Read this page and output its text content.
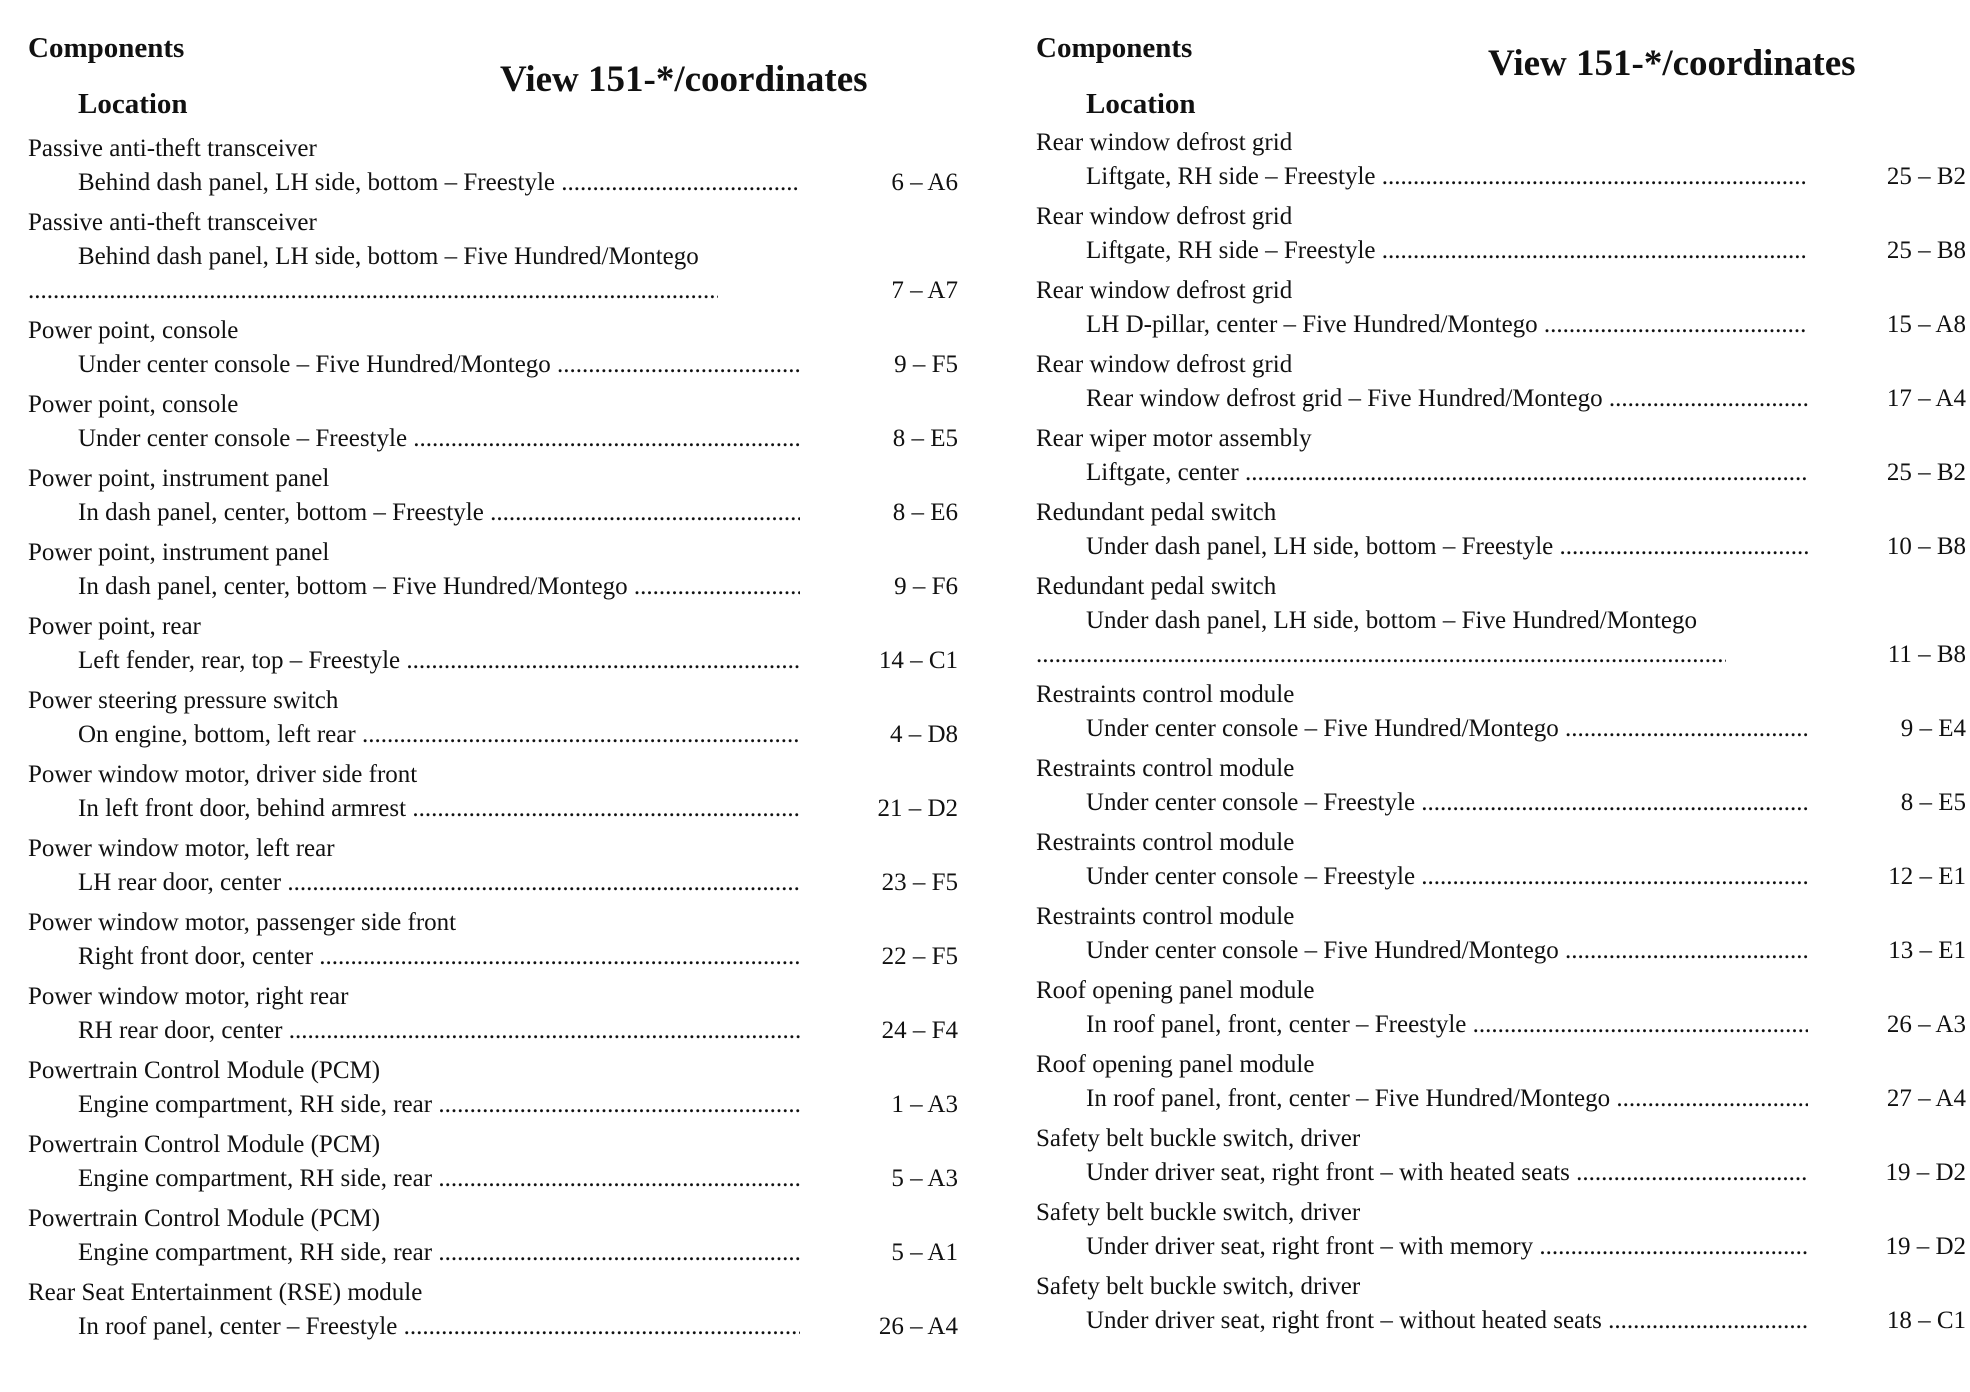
Components
Location
View 151-*/coordinates
Passive anti-theft transceiver
Behind dash panel, LH side, bottom – Freestyle .....	6 – A6
Passive anti-theft transceiver
Behind dash panel, LH side, bottom – Five Hundred/Montego
.....
7 – A7
Power point, console
Under center console – Five Hundred/Montego .....	9 – F5
Power point, console
Under center console – Freestyle .....	8 – E5
Power point, instrument panel
In dash panel, center, bottom – Freestyle .....	8 – E6
Power point, instrument panel
In dash panel, center, bottom – Five Hundred/Montego .....	9 – F6
Power point, rear
Left fender, rear, top – Freestyle .....	14 – C1
Power steering pressure switch
On engine, bottom, left rear .....	4 – D8
Power window motor, driver side front
In left front door, behind armrest .....	21 – D2
Power window motor, left rear
LH rear door, center .....	23 – F5
Power window motor, passenger side front
Right front door, center .....	22 – F5
Power window motor, right rear
RH rear door, center .....	24 – F4
Powertrain Control Module (PCM)
Engine compartment, RH side, rear .....	1 – A3
Powertrain Control Module (PCM)
Engine compartment, RH side, rear .....	5 – A3
Powertrain Control Module (PCM)
Engine compartment, RH side, rear .....	5 – A1
Rear Seat Entertainment (RSE) module
In roof panel, center – Freestyle .....	26 – A4
Components
Location
View 151-*/coordinates
Rear window defrost grid
Liftgate, RH side – Freestyle .....	25 – B2
Rear window defrost grid
Liftgate, RH side – Freestyle .....	25 – B8
Rear window defrost grid
LH D-pillar, center – Five Hundred/Montego .....	15 – A8
Rear window defrost grid
Rear window defrost grid – Five Hundred/Montego .....	17 – A4
Rear wiper motor assembly
Liftgate, center .....	25 – B2
Redundant pedal switch
Under dash panel, LH side, bottom – Freestyle .....	10 – B8
Redundant pedal switch
Under dash panel, LH side, bottom – Five Hundred/Montego
.....
11 – B8
Restraints control module
Under center console – Five Hundred/Montego .....	9 – E4
Restraints control module
Under center console – Freestyle .....	8 – E5
Restraints control module
Under center console – Freestyle .....	12 – E1
Restraints control module
Under center console – Five Hundred/Montego .....	13 – E1
Roof opening panel module
In roof panel, front, center – Freestyle .....	26 – A3
Roof opening panel module
In roof panel, front, center – Five Hundred/Montego .....	27 – A4
Safety belt buckle switch, driver
Under driver seat, right front – with heated seats .....	19 – D2
Safety belt buckle switch, driver
Under driver seat, right front – with memory .....	19 – D2
Safety belt buckle switch, driver
Under driver seat, right front – without heated seats .....	18 – C1
